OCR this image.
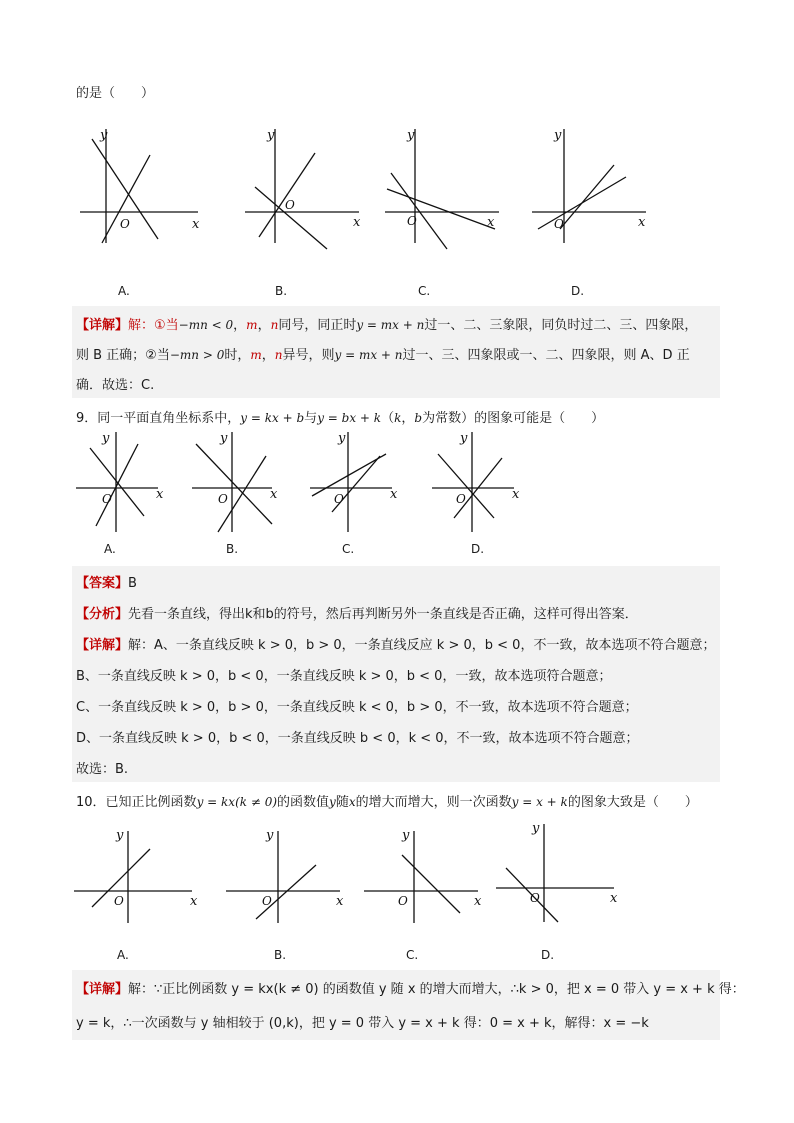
的是（　　）
x
y
O	x
y
O
x
y
O	x
y
O
A.	B.	C.	D.
【详解】解：①当−mn < 0，m，n同号，同正时y = mx + n过一、二、三象限，同负时过二、三、四象限，
则 B 正确；②当−mn > 0时，m，n异号，则y = mx + n过一、三、四象限或一、二、四象限，则 A、D 正
确．故选：C.
9．同一平面直角坐标系中，y = kx + b与y = bx + k（k，b为常数）的图象可能是（　　）
x
y
O	x
y
O	x
y
O	x
y
O
A.	B.	C.	D.
【答案】B
【分析】先看一条直线，得出k和b的符号，然后再判断另外一条直线是否正确，这样可得出答案．
【详解】解：A、一条直线反映 k > 0，b > 0，一条直线反应 k > 0，b < 0，不一致，故本选项不符合题意；
B、一条直线反映 k > 0，b < 0，一条直线反映 k > 0，b < 0，一致，故本选项符合题意；
C、一条直线反映 k > 0，b > 0，一条直线反映 k < 0，b > 0，不一致，故本选项不符合题意；
D、一条直线反映 k > 0，b < 0，一条直线反映 b < 0，k < 0，不一致，故本选项不符合题意；
故选：B.
10．已知正比例函数y = kx(k ≠ 0)的函数值y随x的增大而增大，则一次函数y = x + k的图象大致是（　　）
x
y
O	x
y
O	x
y
O	x
y
O
A.	B.	C.	D.
【详解】解：∵正比例函数 y = kx(k ≠ 0) 的函数值 y 随 x 的增大而增大，∴k > 0，把 x = 0 带入 y = x + k 得：
y = k，∴一次函数与 y 轴相较于 (0,k)，把 y = 0 带入 y = x + k 得：0 = x + k，解得：x = −k
